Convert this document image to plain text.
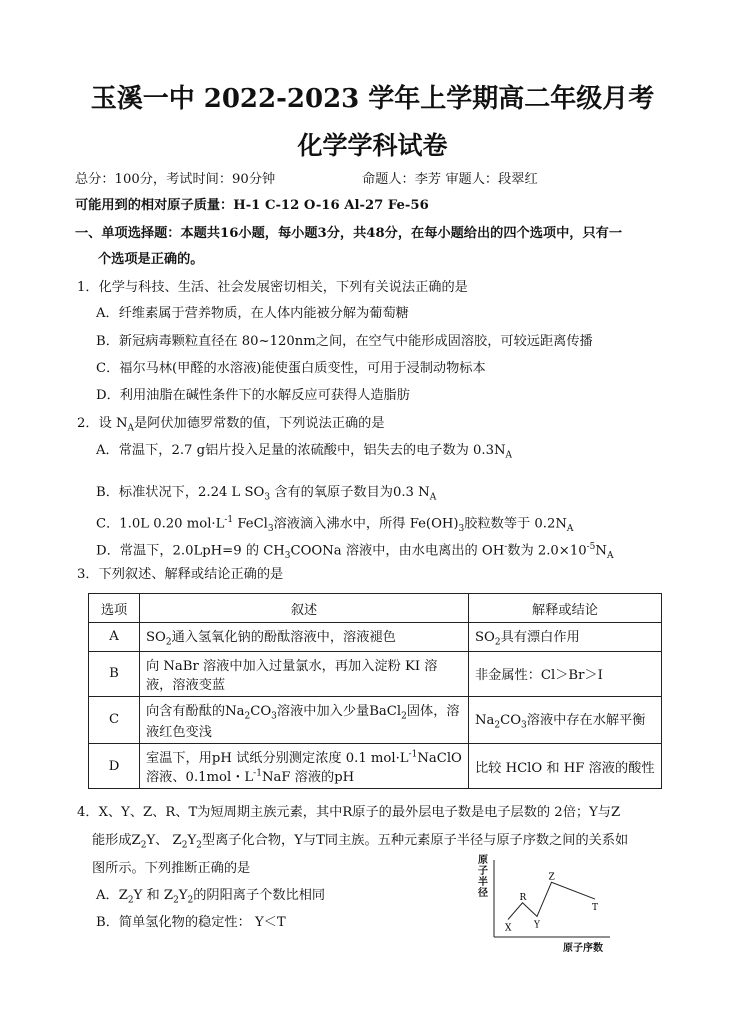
玉溪一中 2022-2023 学年上学期高二年级月考
化学学科试卷
总分：100分，考试时间：90分钟	命题人：李芳 审题人：段翠红
可能用到的相对原子质量：H-1 C-12 O-16 Al-27 Fe-56
一、单项选择题：本题共16小题，每小题3分，共48分，在每小题给出的四个选项中，只有一
个选项是正确的。
1．化学与科技、生活、社会发展密切相关，下列有关说法正确的是
A．纤维素属于营养物质，在人体内能被分解为葡萄糖
B．新冠病毒颗粒直径在 80~120nm之间，在空气中能形成固溶胶，可较远距离传播
C．福尔马林(甲醛的水溶液)能使蛋白质变性，可用于浸制动物标本
D．利用油脂在碱性条件下的水解反应可获得人造脂肪
2．设 $N_A$是阿伏加德罗常数的值，下列说法正确的是
A．常温下，2.7 g铝片投入足量的浓硫酸中，铝失去的电子数为 $0.3N_A$
B．标准状况下，2.24 L $SO_3$ 含有的氧原子数目为0.3 $N_A$
C．1.0L 0.20 $mol\cdot L^{-1}$ FeCl$_3$溶液滴入沸水中，所得 $Fe(OH)_3$胶粒数等于 $0.2N_A$
D．常温下，2.0LpH=9 的 $CH_3COONa$ 溶液中，由水电离出的 OH-数为 $2.0\times 10^{-5}N_A$
3．下列叙述、解释或结论正确的是
选项	叙述	解释或结论
A	$SO_2$通入氢氧化钠的酚酞溶液中，溶液褪色	$SO_2$具有漂白作用
B	向 NaBr 溶液中加入过量氯水，再加入淀粉 KI 溶液，溶液变蓝	非金属性：Cl＞Br＞I
C	向含有酚酞的$Na_2CO_3$溶液中加入少量BaCl$_2$固体，溶液红色变浅	$Na_2CO_3$溶液中存在水解平衡
D	室温下，用pH 试纸分别测定浓度 0.1 $mol\cdot L^{-1}NaClO$ 溶液、0.1mol・$L^{-1}NaF$ 溶液的pH	比较 HClO 和 HF 溶液的酸性
4．X、Y、Z、R、T为短周期主族元素，其中R原子的最外层电子数是电子层数的 2倍；Y与Z
能形成$Z_2Y$、 $Z_2Y_2$型离子化合物，Y与T同主族。五种元素原子半径与原子序数之间的关系如
图所示。下列推断正确的是
A．$Z_2Y$ 和 $Z_2Y_2$的阴阳离子个数比相同
B．简单氢化物的稳定性： Y＜T
原子半径
原子序数
X
R
Y
Z
T
